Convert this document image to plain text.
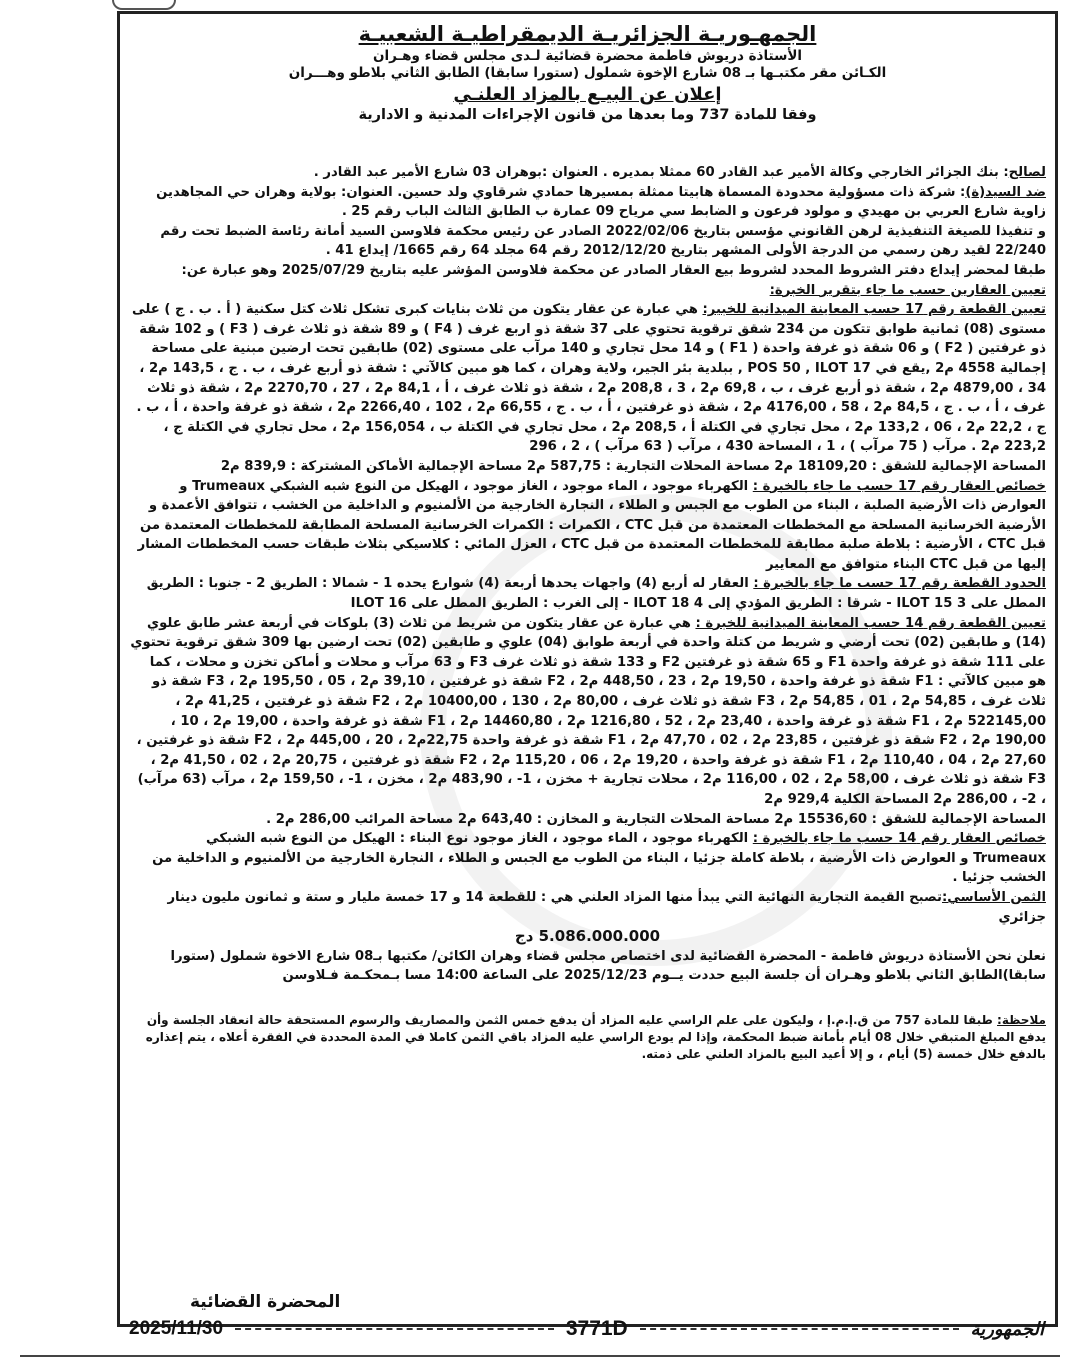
الجمهـوريـة الجزائريـة الديمقراطيـة الشعبيـة
الأستاذة دريوش فاطمة محضرة قضائية لـدى مجلس قضاء وهـران
الكـائن مقر مكتبـها بـ 08 شارع الإخوة شملول (ستورا سابقا) الطابق الثاني بلاطو وهـــران
إعلان عن البيـع بالمزاد العلنـي
وفقا للمادة 737 وما بعدها من قانون الإجراءات المدنية و الادارية

لصالح: بنك الجزائر الخارجي وكالة الأمير عبد القادر 60 ممثلا بمديره . العنوان :بوهران 03 شارع الأمير عبد القادر .

ضد السيد(ة): شركة ذات مسؤولية محدودة المسماة هابيتا ممثلة بمسيرها حمادي شرقاوي ولد حسين. العنوان: بولاية وهران حي المجاهدين زاوية شارع العربي بن مهيدي و مولود فرعون و الضابط سي مرياح 09 عمارة ب الطابق الثالث الباب رقم 25 .

و تنفيذا للصيغة التنفيذية لرهن القانوني مؤسس بتاريخ 2022/02/06 الصادر عن رئيس محكمة فلاوسن السيد أمانة رئاسة الضبط تحت رقم 22/240 لقيد رهن رسمي من الدرجة الأولى المشهر بتاريخ 2012/12/20 رقم 64 مجلد 64 رقم 1665/ إيداع 41 .

طبقا لمحضر إيداع دفتر الشروط المحدد لشروط بيع العقار الصادر عن محكمة فلاوسن المؤشر عليه بتاريخ 2025/07/29 وهو عبارة عن:

تعيين العقارين حسب ما جاء بتقرير الخبرة:

تعيين القطعة رقم 17 حسب المعاينة الميدانية للخبير: هي عبارة عن عقار يتكون من ثلاث بنايات كبرى تشكل ثلاث كتل سكنية ( أ . ب . ج ) على مستوى (08) ثمانية طوابق تتكون من 234 شقق ترقوية تحتوي على 37 شقة ذو اربع غرف ( F4 ) و 89 شقة ذو ثلاث غرف ( F3 ) و 102 شقة ذو غرفتين ( F2 ) و 06 شقة ذو غرفة واحدة ( F1 ) و 14 محل تجاري و 140 مرآب على مستوى (02) طابقين تحت ارضين مبنية على مساحة إجمالية 4558 م2 ,يقع في POS 50 , ILOT 17 , ببلدية بئر الجير، ولاية وهران ، كما هو مبين كالآتي : شقة ذو أربع غرف ، ب . ج ، 143,5 م2 ، 34 ، 4879,00 م2 ، شقة ذو أربع غرف ، ب ، 69,8 م2 ، 3 ، 208,8 م2 ، شقة ذو ثلاث غرف ، أ ، 84,1 م2 ، 27 ، 2270,70 م2 ، شقة ذو ثلاث غرف ، أ ، ب . ج ، 84,5 م2 ، 58 ، 4176,00 م2 ، شقة ذو غرفتين ، أ ، ب . ج ، 66,55 م2 ، 102 ، 2266,40 م2 ، شقة ذو غرفة واحدة ، أ ، ب . ج ، 22,2 م2 ، 06 ، 133,2 م2 ، محل تجاري في الكتلة أ ، 208,5 م2 ، محل تجاري في الكتلة ب ، 156,054 م2 ، محل تجاري في الكتلة ج ، 223,2 م2 . مرآب ( 75 مرآب ) ، 1 ، المساحة 430 ، مرآب ( 63 مرآب ) ، 2 ، 296

المساحة الإجمالية للشقق : 18109,20 م2 مساحة المحلات التجارية : 587,75 م2 مساحة الإجمالية الأماكن المشتركة : 839,9 م2

خصائص العقار رقم 17 حسب ما جاء بالخبرة : الكهرباء موجود ، الماء موجود ، الغاز موجود ، الهيكل من النوع شبه الشبكي Trumeaux و العوارض ذات الأرضية الصلبة ، البناء من الطوب مع الجبس و الطلاء ، النجارة الخارجية من الألمنيوم و الداخلية من الخشب ، تتوافق الأعمدة و الأرضية الخرسانية المسلحة مع المخططات المعتمدة من قبل CTC ، الكمرات : الكمرات الخرسانية المسلحة المطابقة للمخططات المعتمدة من قبل CTC ، الأرضية : بلاطة صلبة مطابقة للمخططات المعتمدة من قبل CTC ، العزل المائي : كلاسيكي بثلاث طبقات حسب المخططات المشار إليها من قبل CTC البناء متوافق مع المعايير

الحدود القطعة رقم 17 حسب ما جاء بالخبرة : العقار له أربع (4) واجهات يحدها أربعة (4) شوارع يحده 1 - شمالا : الطريق 2 - جنوبا : الطريق المطل على ILOT 15 3 - شرقا : الطريق المؤدي إلى ILOT 18 4 - إلى الغرب : الطريق المطل على ILOT 16

تعيين القطعة رقم 14 حسب المعاينة الميدانية للخبرة : هي عبارة عن عقار يتكون من شريط من ثلاث (3) بلوكات في أربعة عشر طابق علوي (14) و طابقين (02) تحت أرضي و شريط من كتلة واحدة في أربعة طوابق (04) علوي و طابقين (02) تحت ارضين بها 309 شقق ترقوية تحتوي على 111 شقة ذو غرفة واحدة F1 و 65 شقة ذو غرفتين F2 و 133 شقة ذو ثلاث غرف F3 و 63 مرآب و محلات و أماكن تخزن و محلات ، كما هو مبين كالآتي : F1 شقة ذو غرفة واحدة ، 19,50 م2 ، 23 ، 448,50 م2 ، F2 شقة ذو غرفتين ، 39,10 م2 ، 05 ، 195,50 م2 ، F3 شقة ذو ثلاث غرف ، 54,85 م2 ، 01 ، 54,85 م2 ، F3 شقة ذو ثلاث غرف ، 80,00 م2 ، 130 ، 10400,00 م2 ، F2 شقة ذو غرفتين ، 41,25 م2 ، 522145,00 م2 ، F1 شقة ذو غرفة واحدة ، 23,40 م2 ، 52 ، 1216,80 م2 ، 14460,80 م2 ، F1 شقة ذو غرفة واحدة ، 19,00 م2 ، 10 ، 190,00 م2 ، F2 شقة ذو غرفتين ، 23,85 م2 ، 02 ، 47,70 م2 ، F1 شقة ذو غرفة واحدة 22,75م2 ، 20 ، 445,00 م2 ، F2 شقة ذو غرفتين ، 27,60 م2 ، 04 ، 110,40 م2 ، F1 شقة ذو غرفة واحدة ، 19,20 م2 ، 06 ، 115,20 م2 ، F2 شقة ذو غرفتين ، 20,75 م2 ، 02 ، 41,50 م2 ، F3 شقة ذو ثلاث غرف ، 58,00 م2 ، 02 ، 116,00 م2 ، محلات تجارية + مخزن ، 1- ، 483,90 م2 ، مخزن ، 1- ، 159,50 م2 ، مرآب (63 مرآب) ، 2- ، 286,00 م2 المساحة الكلية 929,4 م2

المساحة الإجمالية للشقق : 15536,60 م2 مساحة المحلات التجارية و المخازن : 643,40 م2 مساحة المرائب 286,00 م2 .

خصائص العقار رقم 14 حسب ما جاء بالخبرة : الكهرباء موجود ، الماء موجود ، الغاز موجود نوع البناء : الهيكل من النوع شبه الشبكي Trumeaux و العوارض ذات الأرضية ، بلاطة كاملة جزئيا ، البناء من الطوب مع الجبس و الطلاء ، النجارة الخارجية من الألمنيوم و الداخلية من الخشب جزئيا .

الثمن الأساسي:تصبح القيمة التجارية النهائية التي يبدأ منها المزاد العلني هي : للقطعة 14 و 17 خمسة مليار و ستة و ثمانون مليون دينار جزائري

5.086.000.000 دج

نعلن نحن الأستاذة دريوش فاطمة - المحضرة القضائية لدى اختصاص مجلس قضاء وهران الكائن/ مكتبها بـ08 شارع الاخوة شملول (ستورا سابقا)الطابق الثاني بلاطو وهـران أن جلسة البيع حددت يــوم 2025/12/23 على الساعة 14:00 مسا بـمحكـمة فـلاوسن

ملاحظة: طبقا للمادة 757 من ق.إ.م.إ ، وليكون على علم الراسي عليه المزاد أن يدفع خمس الثمن والمصاريف والرسوم المستحقة حالة انعقاد الجلسة وأن يدفع المبلغ المتبقي خلال 08 أيام بأمانة ضبط المحكمة، وإذا لم يودع الراسي عليه المزاد باقي الثمن كاملا في المدة المحددة في الفقرة أعلاه ، يتم إعذاره بالدفع خلال خمسة (5) أيام ، و إلا أعيد البيع بالمزاد العلني على ذمته.
المحضرة القضائية
2025/11/30	3771D	الجمهورية
